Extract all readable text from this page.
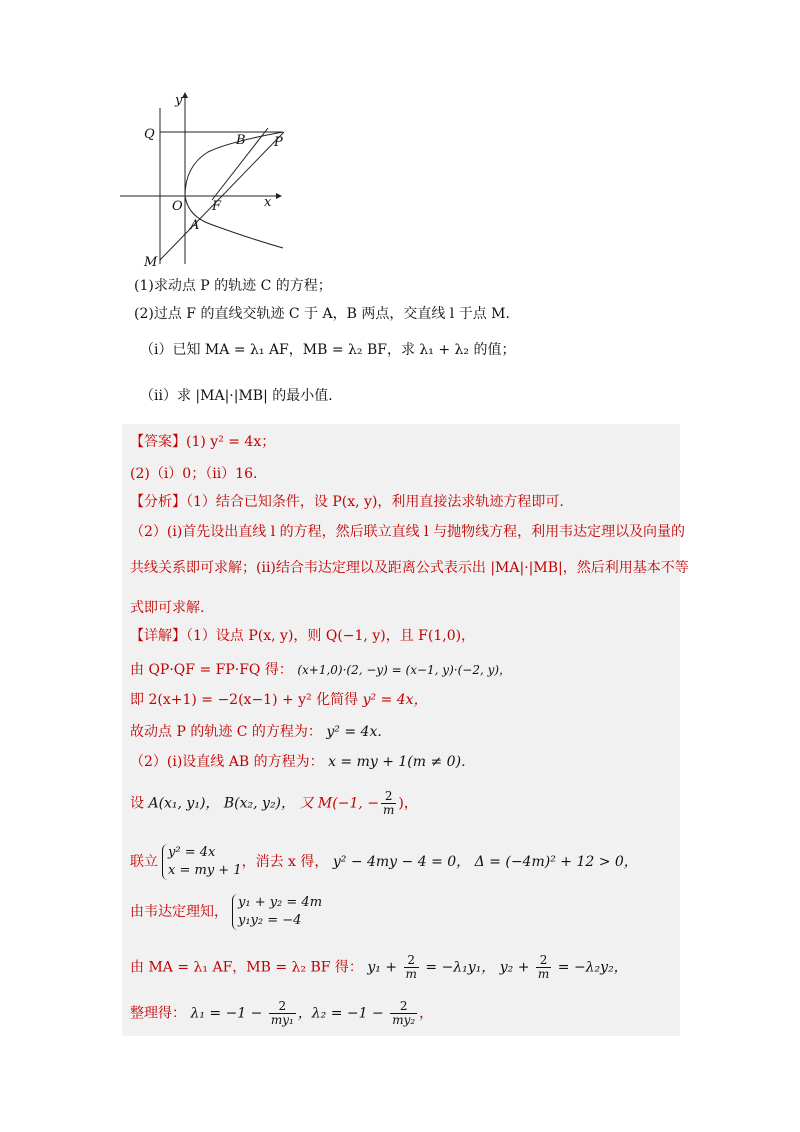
y
x
O F
A
B P
Q
M
(1)求动点 P 的轨迹 C 的方程；
(2)过点 F 的直线交轨迹 C 于 A，B 两点，交直线 l 于点 M．
（i）已知 MA = λ₁ AF，MB = λ₂ BF，求 λ₁ + λ₂ 的值；
（ii）求 |MA|·|MB| 的最小值．
【答案】(1) y² = 4x；
(2)（i）0；（ii）16.
【分析】（1）结合已知条件，设 P(x, y)，利用直接法求轨迹方程即可.
（2）(i)首先设出直线 l 的方程，然后联立直线 l 与抛物线方程，利用韦达定理以及向量的
共线关系即可求解；(ii)结合韦达定理以及距离公式表示出 |MA|·|MB|，然后利用基本不等
式即可求解.
【详解】（1）设点 P(x, y)，则 Q(−1, y)，且 F(1,0)，
由 QP·QF = FP·FQ 得： (x+1,0)·(2, −y) = (x−1, y)·(−2, y)，
即 2(x+1) = −2(x−1) + y² 化简得 y² = 4x，
故动点 P 的轨迹 C 的方程为： y² = 4x.
（2）(i)设直线 AB 的方程为： x = my + 1(m ≠ 0)．
设 A(x₁, y₁)， B(x₂, y₂)， 又 M(−1, − $\frac{2}{m}$ )，
联立
y² = 4x
x = my + 1
，消去 x 得， y² − 4my − 4 = 0， Δ = (−4m)² + 12 > 0，
由韦达定理知，
y₁ + y₂ = 4m
y₁y₂ = −4
由 MA = λ₁ AF，MB = λ₂ BF 得： $y_1 + \frac{2}{m} = -\lambda_1y_1$， $y_2 + \frac{2}{m} = -\lambda_2y_2$，
整理得： $\lambda_1 = -1 - \frac{2}{\text{my₁}}$ ，$\lambda_2 = -1 - \frac{2}{\text{my₂}}$ ，
